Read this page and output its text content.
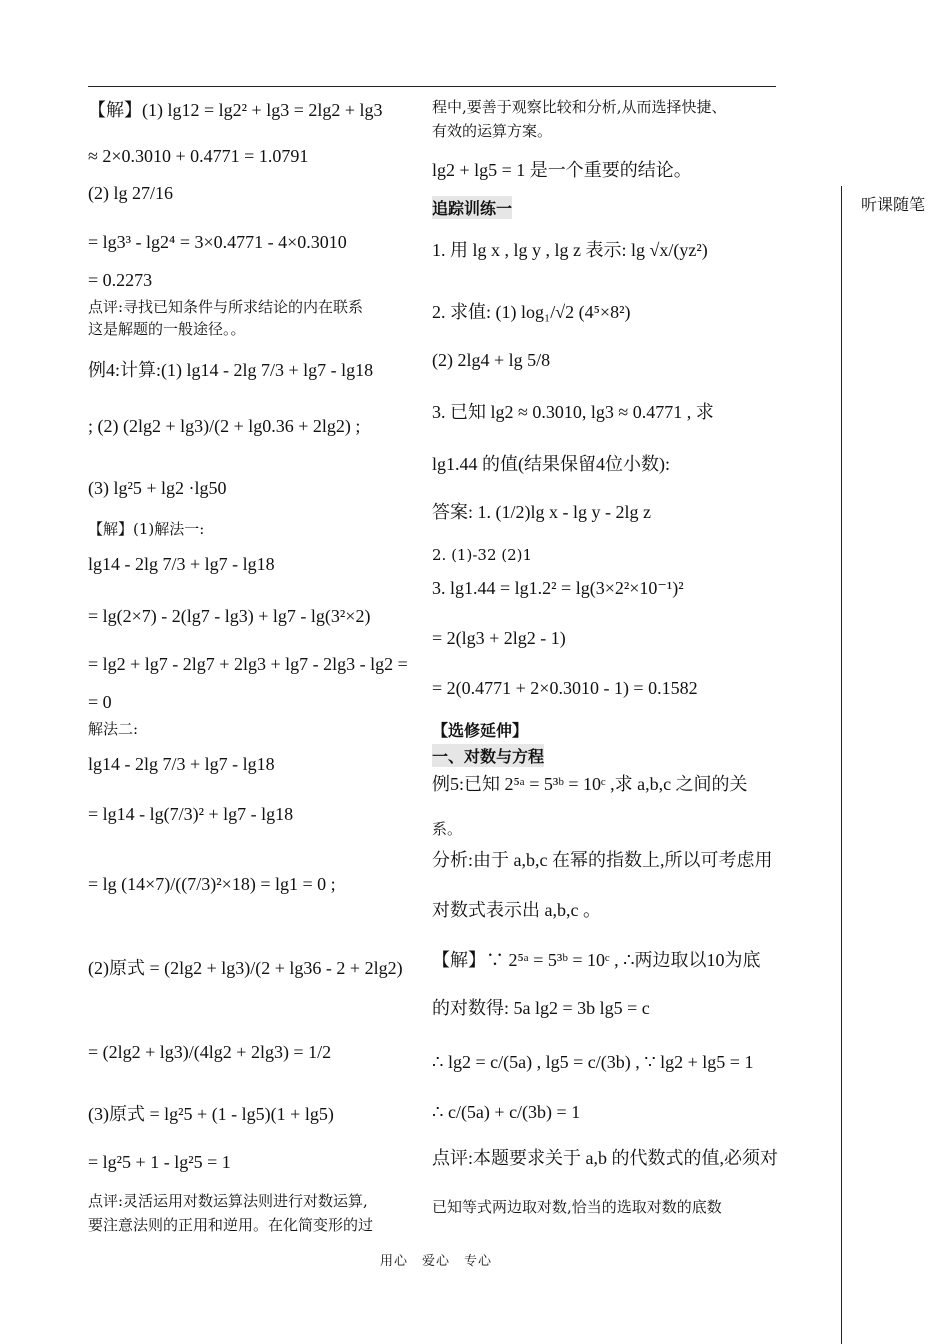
听课随笔
【解】(1) lg12 = lg2² + lg3 = 2lg2 + lg3
≈ 2×0.3010 + 0.4771 = 1.0791
(2) lg 27/16
= lg3³ - lg2⁴ = 3×0.4771 - 4×0.3010
= 0.2273
点评:寻找已知条件与所求结论的内在联系
这是解题的一般途径。。
例4:计算:(1) lg14 - 2lg 7/3 + lg7 - lg18
; (2) (2lg2 + lg3)/(2 + lg0.36 + 2lg2) ;
(3) lg²5 + lg2 ·lg50
【解】(1)解法一:
lg14 - 2lg 7/3 + lg7 - lg18
= lg(2×7) - 2(lg7 - lg3) + lg7 - lg(3²×2)
= lg2 + lg7 - 2lg7 + 2lg3 + lg7 - 2lg3 - lg2 =
= 0
解法二:
lg14 - 2lg 7/3 + lg7 - lg18
= lg14 - lg(7/3)² + lg7 - lg18
= lg (14×7)/((7/3)²×18) = lg1 = 0 ;
(2)原式 = (2lg2 + lg3)/(2 + lg36 - 2 + 2lg2)
= (2lg2 + lg3)/(4lg2 + 2lg3) = 1/2
(3)原式 = lg²5 + (1 - lg5)(1 + lg5)
= lg²5 + 1 - lg²5 = 1
点评:灵活运用对数运算法则进行对数运算,
要注意法则的正用和逆用。在化简变形的过
程中,要善于观察比较和分析,从而选择快捷、
有效的运算方案。
lg2 + lg5 = 1 是一个重要的结论。
追踪训练一
1. 用 lg x , lg y , lg z 表示: lg √x/(yz²)
2. 求值: (1) log₁/√2 (4⁵×8²)
(2) 2lg4 + lg 5/8
3. 已知 lg2 ≈ 0.3010, lg3 ≈ 0.4771 , 求
lg1.44 的值(结果保留4位小数):
答案: 1. (1/2)lg x - lg y - 2lg z
2. (1)-32 (2)1
3. lg1.44 = lg1.2² = lg(3×2²×10⁻¹)²
= 2(lg3 + 2lg2 - 1)
= 2(0.4771 + 2×0.3010 - 1) = 0.1582
【选修延伸】
一、对数与方程
例5:已知 2⁵ᵃ = 5³ᵇ = 10ᶜ ,求 a,b,c 之间的关
系。
分析:由于 a,b,c 在幂的指数上,所以可考虑用
对数式表示出 a,b,c 。
【解】∵ 2⁵ᵃ = 5³ᵇ = 10ᶜ , ∴两边取以10为底
的对数得: 5a lg2 = 3b lg5 = c
∴ lg2 = c/(5a) , lg5 = c/(3b) , ∵ lg2 + lg5 = 1
∴ c/(5a) + c/(3b) = 1
点评:本题要求关于 a,b 的代数式的值,必须对
已知等式两边取对数,恰当的选取对数的底数
用心　爱心　专心
